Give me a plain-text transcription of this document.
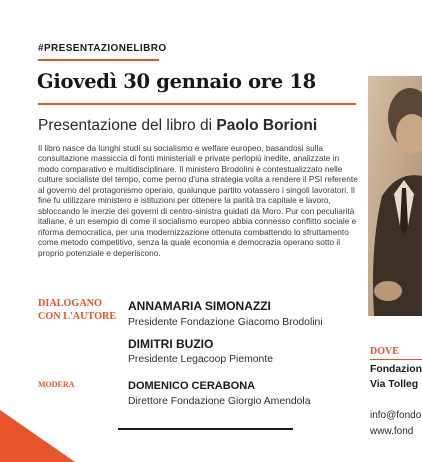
#PRESENTAZIONELIBRO
Giovedì 30 gennaio ore 18
Presentazione del libro di Paolo Borioni

Il libro nasce da lunghi studi su socialismo e welfare europeo, basandosi sulla consultazione massiccia di fonti ministeriali e private perlopiù inedite, analizzate in modo comparativo e multidisciplinare. Il ministero Brodolini è contestualizzato nelle culture socialiste del tempo, come perno d'una strategia volta a rendere il PSI referente al governo del protagonismo operaio, qualunque partito votassero i singoli lavoratori. Il fine fu utilizzare ministero e istituzioni per ottenere la parità tra capitale e lavoro, sbloccando le inerzie dei governi di centro-sinistra guidati da Moro. Pur con peculiarità italiane, è un esempio di come il socialismo europeo abbia connesso conflitto sociale e riforma democratica, per una modernizzazione ottenuta combattendo lo sfruttamento come metodo competitivo, senza la quale economia e democrazia operano sotto il proprio potenziale e deperiscono.

DIALOGANO
CON L'AUTORE
ANNAMARIA SIMONAZZI
Presidente Fondazione Giacomo Brodolini
DIMITRI BUZIO
Presidente Legacoop Piemonte
MODERA	DOMENICO CERABONA
Direttore Fondazione Giorgio Amendola
DOVE
Fondazion
Via Tolleg
info@fondo
www.fond
